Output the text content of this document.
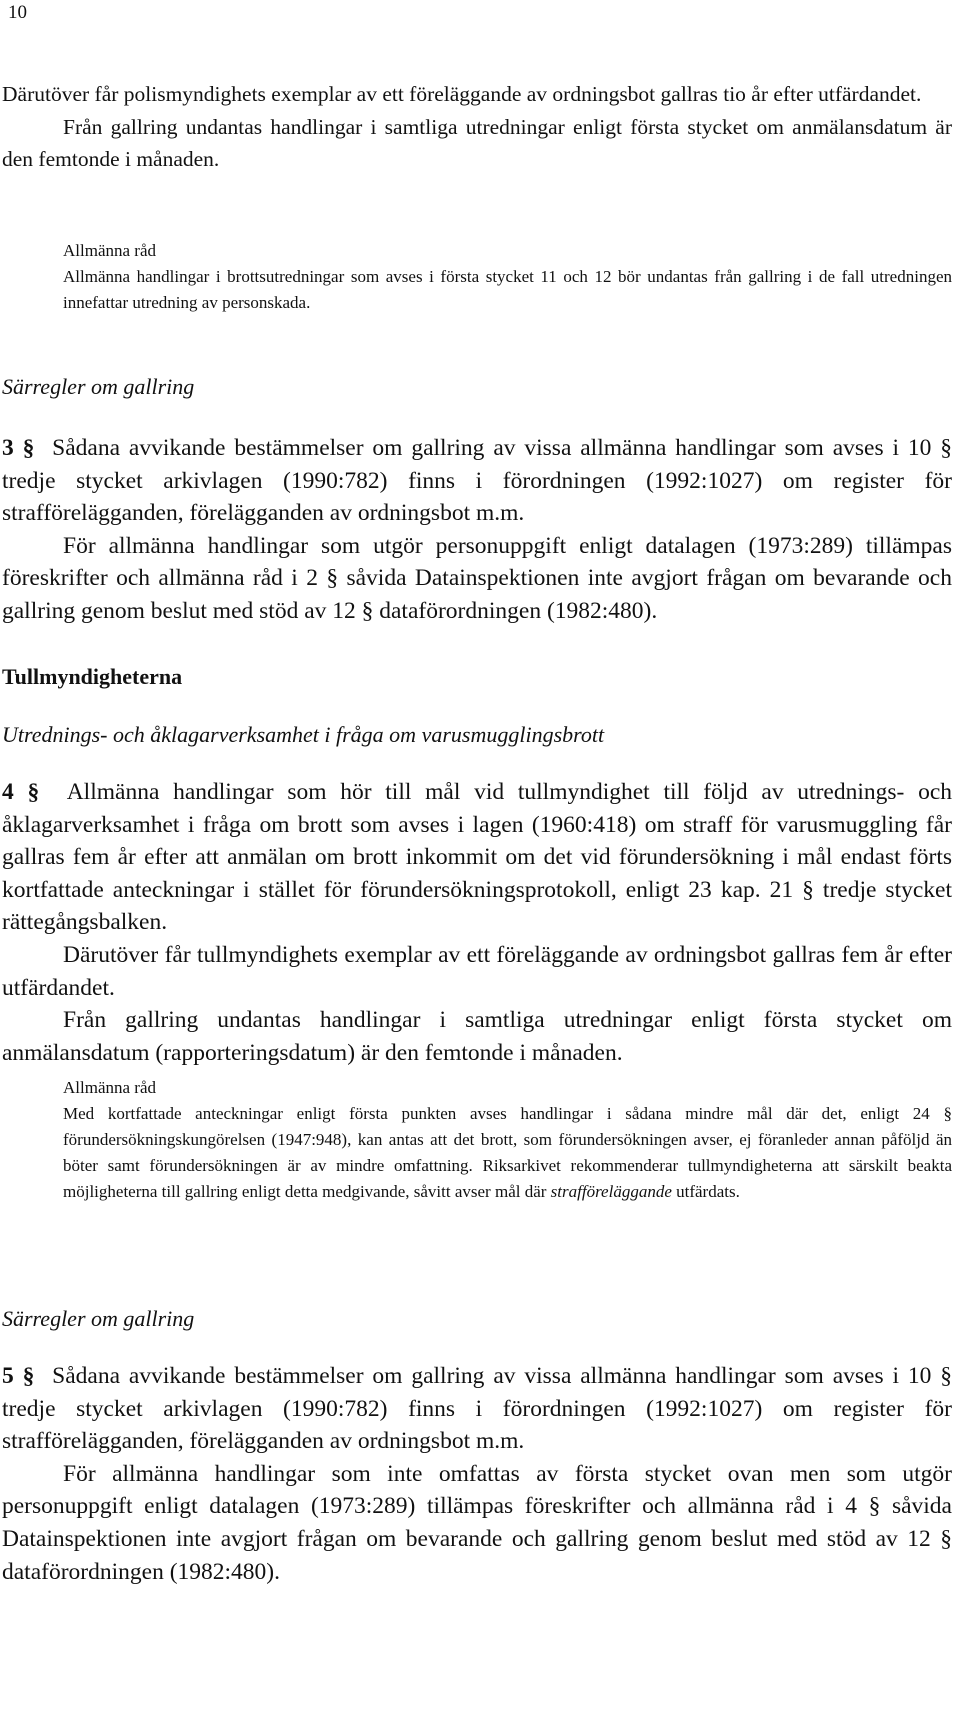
10

Därutöver får polismyndighets exemplar av ett föreläggande av ordningsbot gallras tio år efter utfärdandet.

Från gallring undantas handlingar i samtliga utredningar enligt första stycket om anmälansdatum är den femtonde i månaden.

Allmänna råd

Allmänna handlingar i brottsutredningar som avses i första stycket 11 och 12 bör undantas från gallring i de fall utredningen innefattar utredning av personskada.

Särregler om gallring

3 § Sådana avvikande bestämmelser om gallring av vissa allmänna handlingar som avses i 10 § tredje stycket arkivlagen (1990:782) finns i förordningen (1992:1027) om register för strafförelägganden, förelägganden av ordningsbot m.m.

För allmänna handlingar som utgör personuppgift enligt datalagen (1973:289) tillämpas föreskrifter och allmänna råd i 2 § såvida Datainspektionen inte avgjort frågan om bevarande och gallring genom beslut med stöd av 12 § dataförordningen (1982:480).

Tullmyndigheterna
Utrednings- och åklagarverksamhet i fråga om varusmugglingsbrott

4 § Allmänna handlingar som hör till mål vid tullmyndighet till följd av utrednings- och åklagarverksamhet i fråga om brott som avses i lagen (1960:418) om straff för varusmuggling får gallras fem år efter att anmälan om brott inkommit om det vid förundersökning i mål endast förts kortfattade anteckningar i stället för förundersökningsprotokoll, enligt 23 kap. 21 § tredje stycket rättegångsbalken.

Därutöver får tullmyndighets exemplar av ett föreläggande av ordningsbot gallras fem år efter utfärdandet.

Från gallring undantas handlingar i samtliga utredningar enligt första stycket om anmälansdatum (rapporteringsdatum) är den femtonde i månaden.

Allmänna råd

Med kortfattade anteckningar enligt första punkten avses handlingar i sådana mindre mål där det, enligt 24 § förundersökningskungörelsen (1947:948), kan antas att det brott, som förundersökningen avser, ej föranleder annan påföljd än böter samt förundersökningen är av mindre omfattning. Riksarkivet rekommenderar tullmyndigheterna att särskilt beakta möjligheterna till gallring enligt detta medgivande, såvitt avser mål där strafföreläggande utfärdats.

Särregler om gallring

5 § Sådana avvikande bestämmelser om gallring av vissa allmänna handlingar som avses i 10 § tredje stycket arkivlagen (1990:782) finns i förordningen (1992:1027) om register för strafförelägganden, förelägganden av ordningsbot m.m.

För allmänna handlingar som inte omfattas av första stycket ovan men som utgör personuppgift enligt datalagen (1973:289) tillämpas föreskrifter och allmänna råd i 4 § såvida Datainspektionen inte avgjort frågan om bevarande och gallring genom beslut med stöd av 12 § dataförordningen (1982:480).
